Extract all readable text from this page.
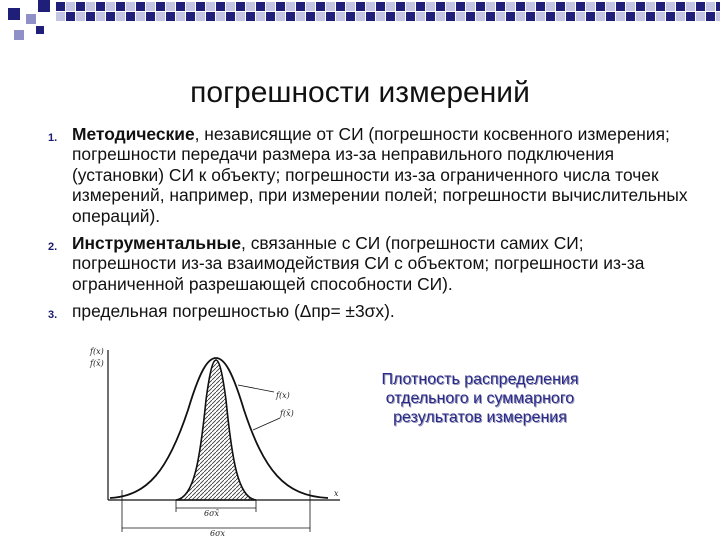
погрешности измерений
1. Методические, независящие от СИ (погрешности косвенного измерения; погрешности передачи размера из-за неправильного подключения (установки) СИ к объекту; погрешности из-за ограниченного числа точек измерений, например, при измерении полей; погрешности вычислительных операций).
2. Инструментальные, связанные с СИ (погрешности самих СИ; погрешности из-за взаимодействия СИ с объектом; погрешности из-за ограниченной разрешающей способности СИ).
3. предельная погрешностью (Δпр= ±3σx).
f(x)
f(x̄)
x
f(x)
f(x̄)
6σx̄
6σx
Плотность распределения
отдельного и суммарного
результатов измерения
